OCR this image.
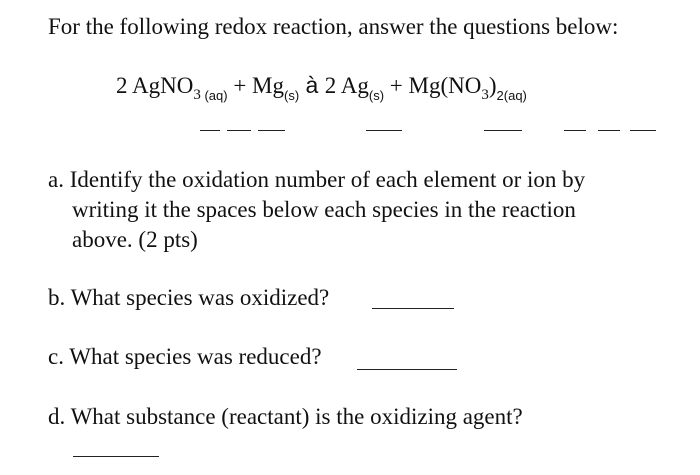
For the following redox reaction, answer the questions below:
2 AgNO$_3$ $_{(aq)} + Mg_{(s)}$ à 2 $Ag_{(s)} + Mg(NO_3)_{2(aq)}$
a. Identify the oxidation number of each element or ion by
writing it the spaces below each species in the reaction
above. (2 pts)
b. What species was oxidized?
c. What species was reduced?
d. What substance (reactant) is the oxidizing agent?
